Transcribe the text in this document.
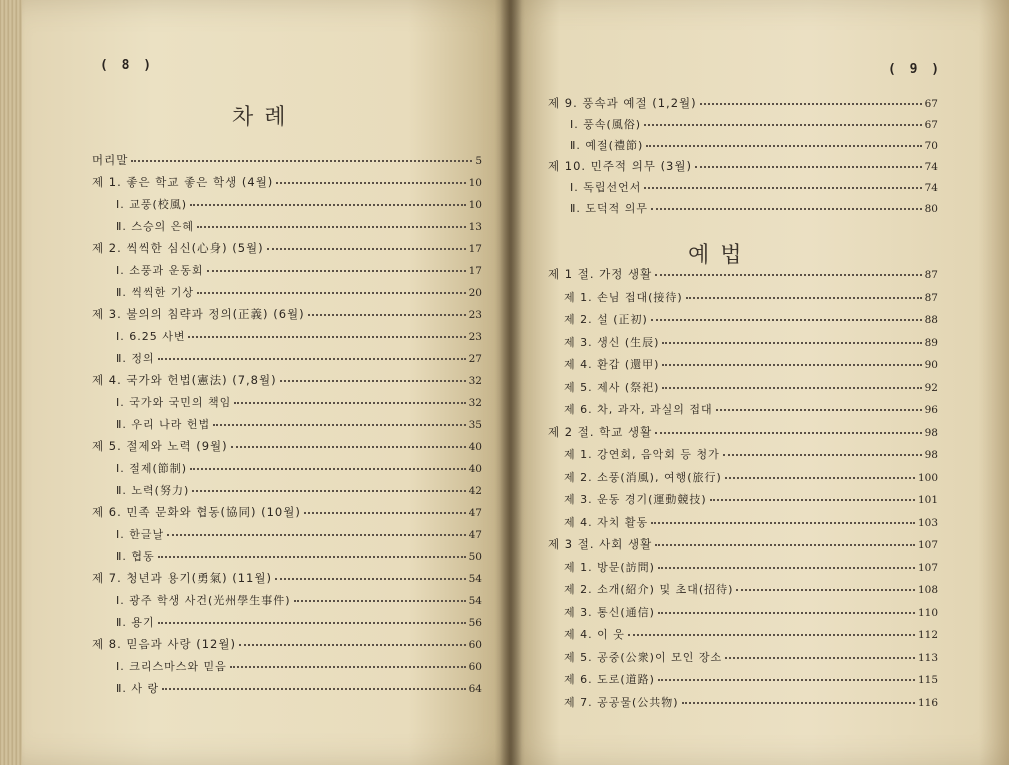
( 8 )
차 례
머리말	5
제 1. 좋은 학교 좋은 학생 (4월)	10
Ⅰ. 교풍(校風)	10
Ⅱ. 스승의 은혜	13
제 2. 씩씩한 심신(心身) (5월)	17
Ⅰ. 소풍과 운동회	17
Ⅱ. 씩씩한 기상	20
제 3. 불의의 침략과 정의(正義) (6월)	23
Ⅰ. 6.25 사변	23
Ⅱ. 정의	27
제 4. 국가와 헌법(憲法) (7,8월)	32
Ⅰ. 국가와 국민의 책임	32
Ⅱ. 우리 나라 헌법	35
제 5. 절제와 노력 (9월)	40
Ⅰ. 절제(節制)	40
Ⅱ. 노력(努力)	42
제 6. 민족 문화와 협동(協同) (10월)	47
Ⅰ. 한글날	47
Ⅱ. 협동	50
제 7. 청년과 용기(勇氣) (11월)	54
Ⅰ. 광주 학생 사건(光州學生事件)	54
Ⅱ. 용기	56
제 8. 믿음과 사랑 (12월)	60
Ⅰ. 크리스마스와 믿음	60
Ⅱ. 사 랑	64
( 9 )
제 9. 풍속과 예절 (1,2월)	67
Ⅰ. 풍속(風俗)	67
Ⅱ. 예절(禮節)	70
제 10. 민주적 의무 (3월)	74
Ⅰ. 독립선언서	74
Ⅱ. 도덕적 의무	80
예 법
제 1 절. 가정 생활	87
제 1. 손님 접대(接待)	87
제 2. 설 (正初)	88
제 3. 생신 (生辰)	89
제 4. 환갑 (還甲)	90
제 5. 제사 (祭祀)	92
제 6. 차, 과자, 과실의 접대	96
제 2 절. 학교 생활	98
제 1. 강연회, 음악회 등 청가	98
제 2. 소풍(消風), 여행(旅行)	100
제 3. 운동 경기(運動競技)	101
제 4. 자치 활동	103
제 3 절. 사회 생활	107
제 1. 방문(訪問)	107
제 2. 소개(紹介) 및 초대(招待)	108
제 3. 통신(通信)	110
제 4. 이 웃	112
제 5. 공중(公衆)이 모인 장소	113
제 6. 도로(道路)	115
제 7. 공공물(公共物)	116
